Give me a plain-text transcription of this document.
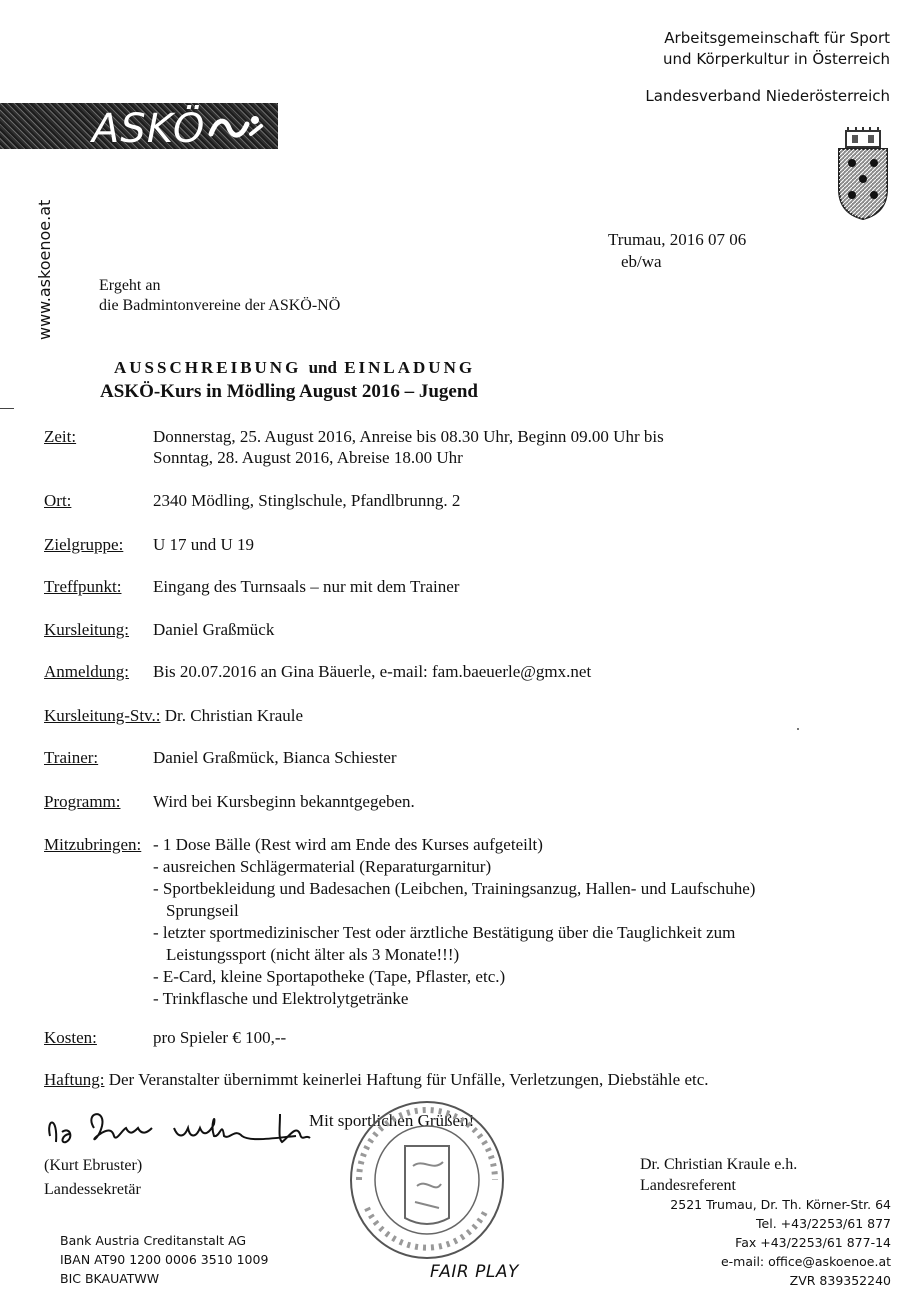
Arbeitsgemeinschaft für Sport
und Körperkultur in Österreich
Landesverband Niederösterreich
ASKÖ
www.askoenoe.at	Trumau, 2016 07 06
eb/wa
Ergeht an
die Badmintonvereine der ASKÖ-NÖ
AUSSCHREIBUNG und EINLADUNG
ASKÖ-Kurs in Mödling August 2016 – Jugend
Zeit:	Donnerstag, 25. August 2016, Anreise bis 08.30 Uhr, Beginn 09.00 Uhr bis
Sonntag, 28. August 2016, Abreise 18.00 Uhr
Ort:	2340 Mödling, Stinglschule, Pfandlbrunng. 2
Zielgruppe: U 17 und U 19
Treffpunkt: Eingang des Turnsaals – nur mit dem Trainer
Kursleitung: Daniel Graßmück
Anmeldung: Bis 20.07.2016 an Gina Bäuerle, e-mail: fam.baeuerle@gmx.net
Kursleitung-Stv.: Dr. Christian Kraule
Trainer:	Daniel Graßmück, Bianca Schiester
Programm: Wird bei Kursbeginn bekanntgegeben.
Mitzubringen: - 1 Dose Bälle (Rest wird am Ende des Kurses aufgeteilt)
- ausreichen Schlägermaterial (Reparaturgarnitur)
- Sportbekleidung und Badesachen (Leibchen, Trainingsanzug, Hallen- und Laufschuhe)
Sprungseil
- letzter sportmedizinischer Test oder ärztliche Bestätigung über die Tauglichkeit zum
Leistungssport (nicht älter als 3 Monate!!!)
- E-Card, kleine Sportapotheke (Tape, Pflaster, etc.)
- Trinkflasche und Elektrolytgetränke
Kosten:	pro Spieler € 100,--
Haftung: Der Veranstalter übernimmt keinerlei Haftung für Unfälle, Verletzungen, Diebstähle etc.
Mit sportlichen Grüßen!
(Kurt Ebruster)
Landessekretär
Dr. Christian Kraule e.h.
Landesreferent
2521 Trumau, Dr. Th. Körner-Str. 64
Tel. +43/2253/61 877
Fax +43/2253/61 877-14
e-mail: office@askoenoe.at
ZVR 839352240
Bank Austria Creditanstalt AG
IBAN AT90 1200 0006 3510 1009
BIC BKAUATWW	FAIR PLAY
